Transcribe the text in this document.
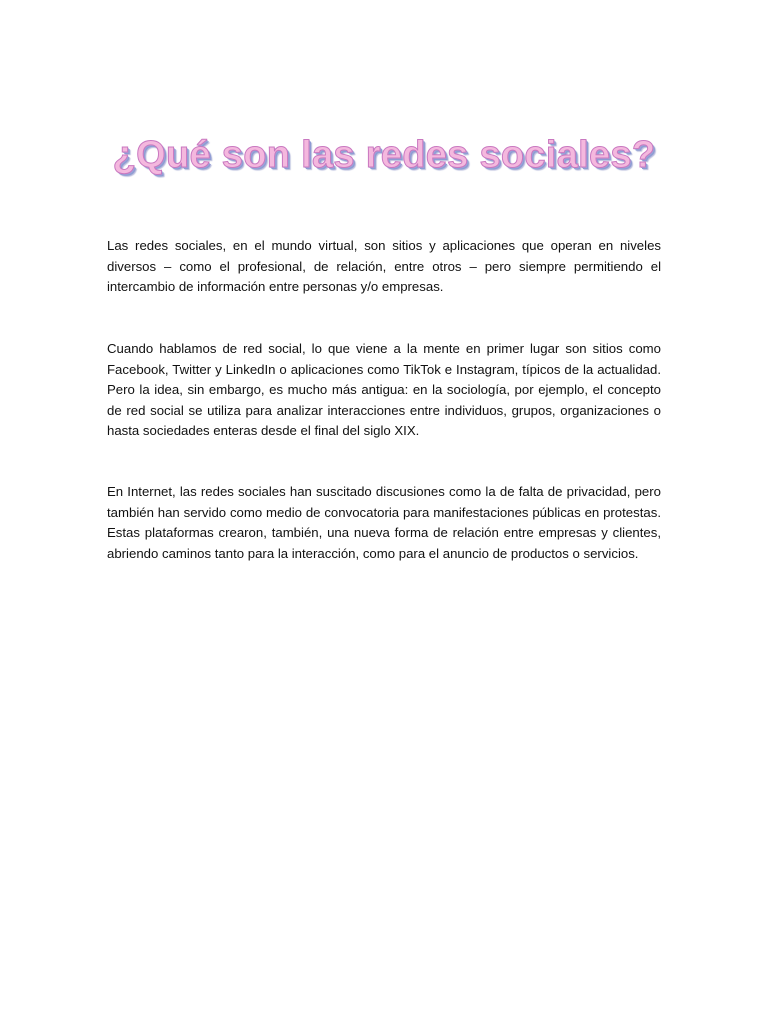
¿Qué son las redes sociales?

Las redes sociales, en el mundo virtual, son sitios y aplicaciones que operan en niveles diversos – como el profesional, de relación, entre otros – pero siempre permitiendo el intercambio de información entre personas y/o empresas.

Cuando hablamos de red social, lo que viene a la mente en primer lugar son sitios como Facebook, Twitter y LinkedIn o aplicaciones como TikTok e Instagram, típicos de la actualidad. Pero la idea, sin embargo, es mucho más antigua: en la sociología, por ejemplo, el concepto de red social se utiliza para analizar interacciones entre individuos, grupos, organizaciones o hasta sociedades enteras desde el final del siglo XIX.

En Internet, las redes sociales han suscitado discusiones como la de falta de privacidad, pero también han servido como medio de convocatoria para manifestaciones públicas en protestas. Estas plataformas crearon, también, una nueva forma de relación entre empresas y clientes, abriendo caminos tanto para la interacción, como para el anuncio de productos o servicios.
